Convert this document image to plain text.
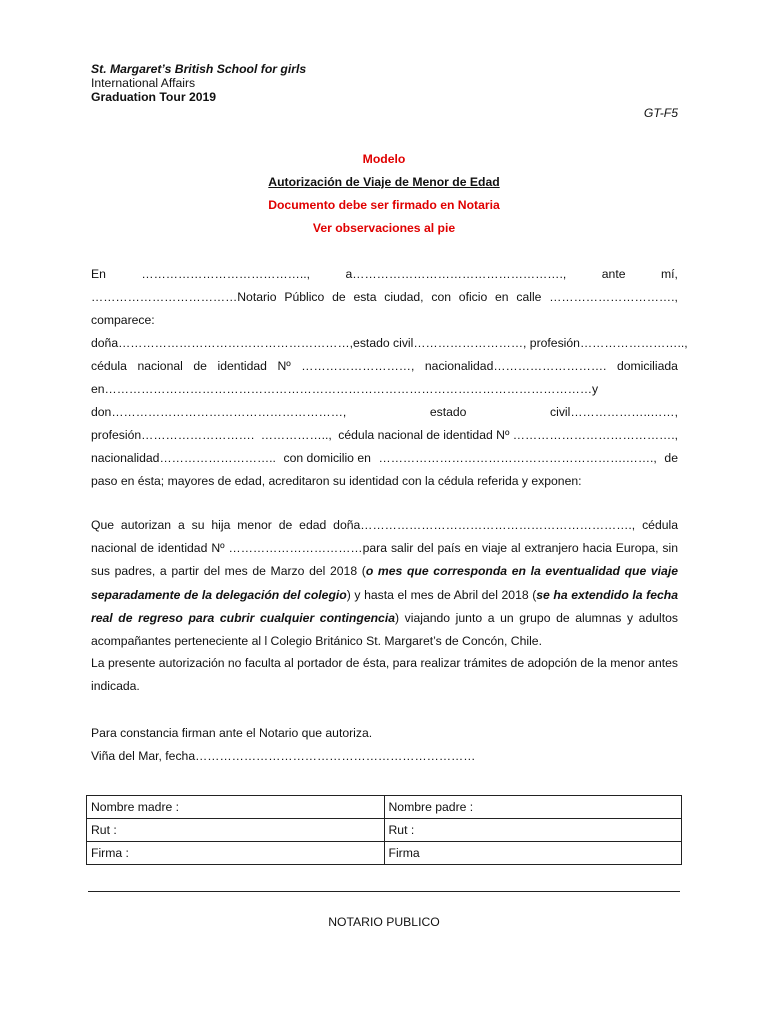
St. Margaret’s British School for girls
International Affairs
Graduation Tour 2019
GT-F5
Modelo
Autorización de Viaje de Menor de Edad
Documento debe ser firmado en Notaria
Ver observaciones al pie
En	…………………………………..,	a…………………………………………….,	ante	mí,
………………………………Notario Público de esta ciudad, con oficio en calle ………………………….,
comparece:
doña…………………………………………………,estado civil………………………, profesión……………………..,
cédula nacional de identidad Nº ………………………, nacionalidad………………………. domiciliada
en…………………………………………………………………………………………………………y
don…………………………………………………,	estado	civil………………..……,
profesión………………………. …………….., cédula nacional de identidad Nº ………………………………….,
nacionalidad……………………….. con domicilio en …………………………………………………….……., de
paso en ésta; mayores de edad, acreditaron su identidad con la cédula referida y exponen:
Que autorizan a su hija menor de edad doña…………………………………………………………., cédula nacional de identidad Nº ……………………………para salir del país en viaje al extranjero hacia Europa, sin sus padres, a partir del mes de Marzo del 2018 (o mes que corresponda en la eventualidad que viaje separadamente de la delegación del colegio) y hasta el mes de Abril del 2018 (se ha extendido la fecha real de regreso para cubrir cualquier contingencia) viajando junto a un grupo de alumnas y adultos acompañantes perteneciente al l Colegio Británico St. Margaret’s de Concón, Chile.
La presente autorización no faculta al portador de ésta, para realizar trámites de adopción de la menor antes indicada.
Para constancia firman ante el Notario que autoriza.
Viña del Mar, fecha……………………………………………………………
Nombre madre :	Nombre padre :
Rut :	Rut :
Firma :	Firma
NOTARIO PUBLICO
